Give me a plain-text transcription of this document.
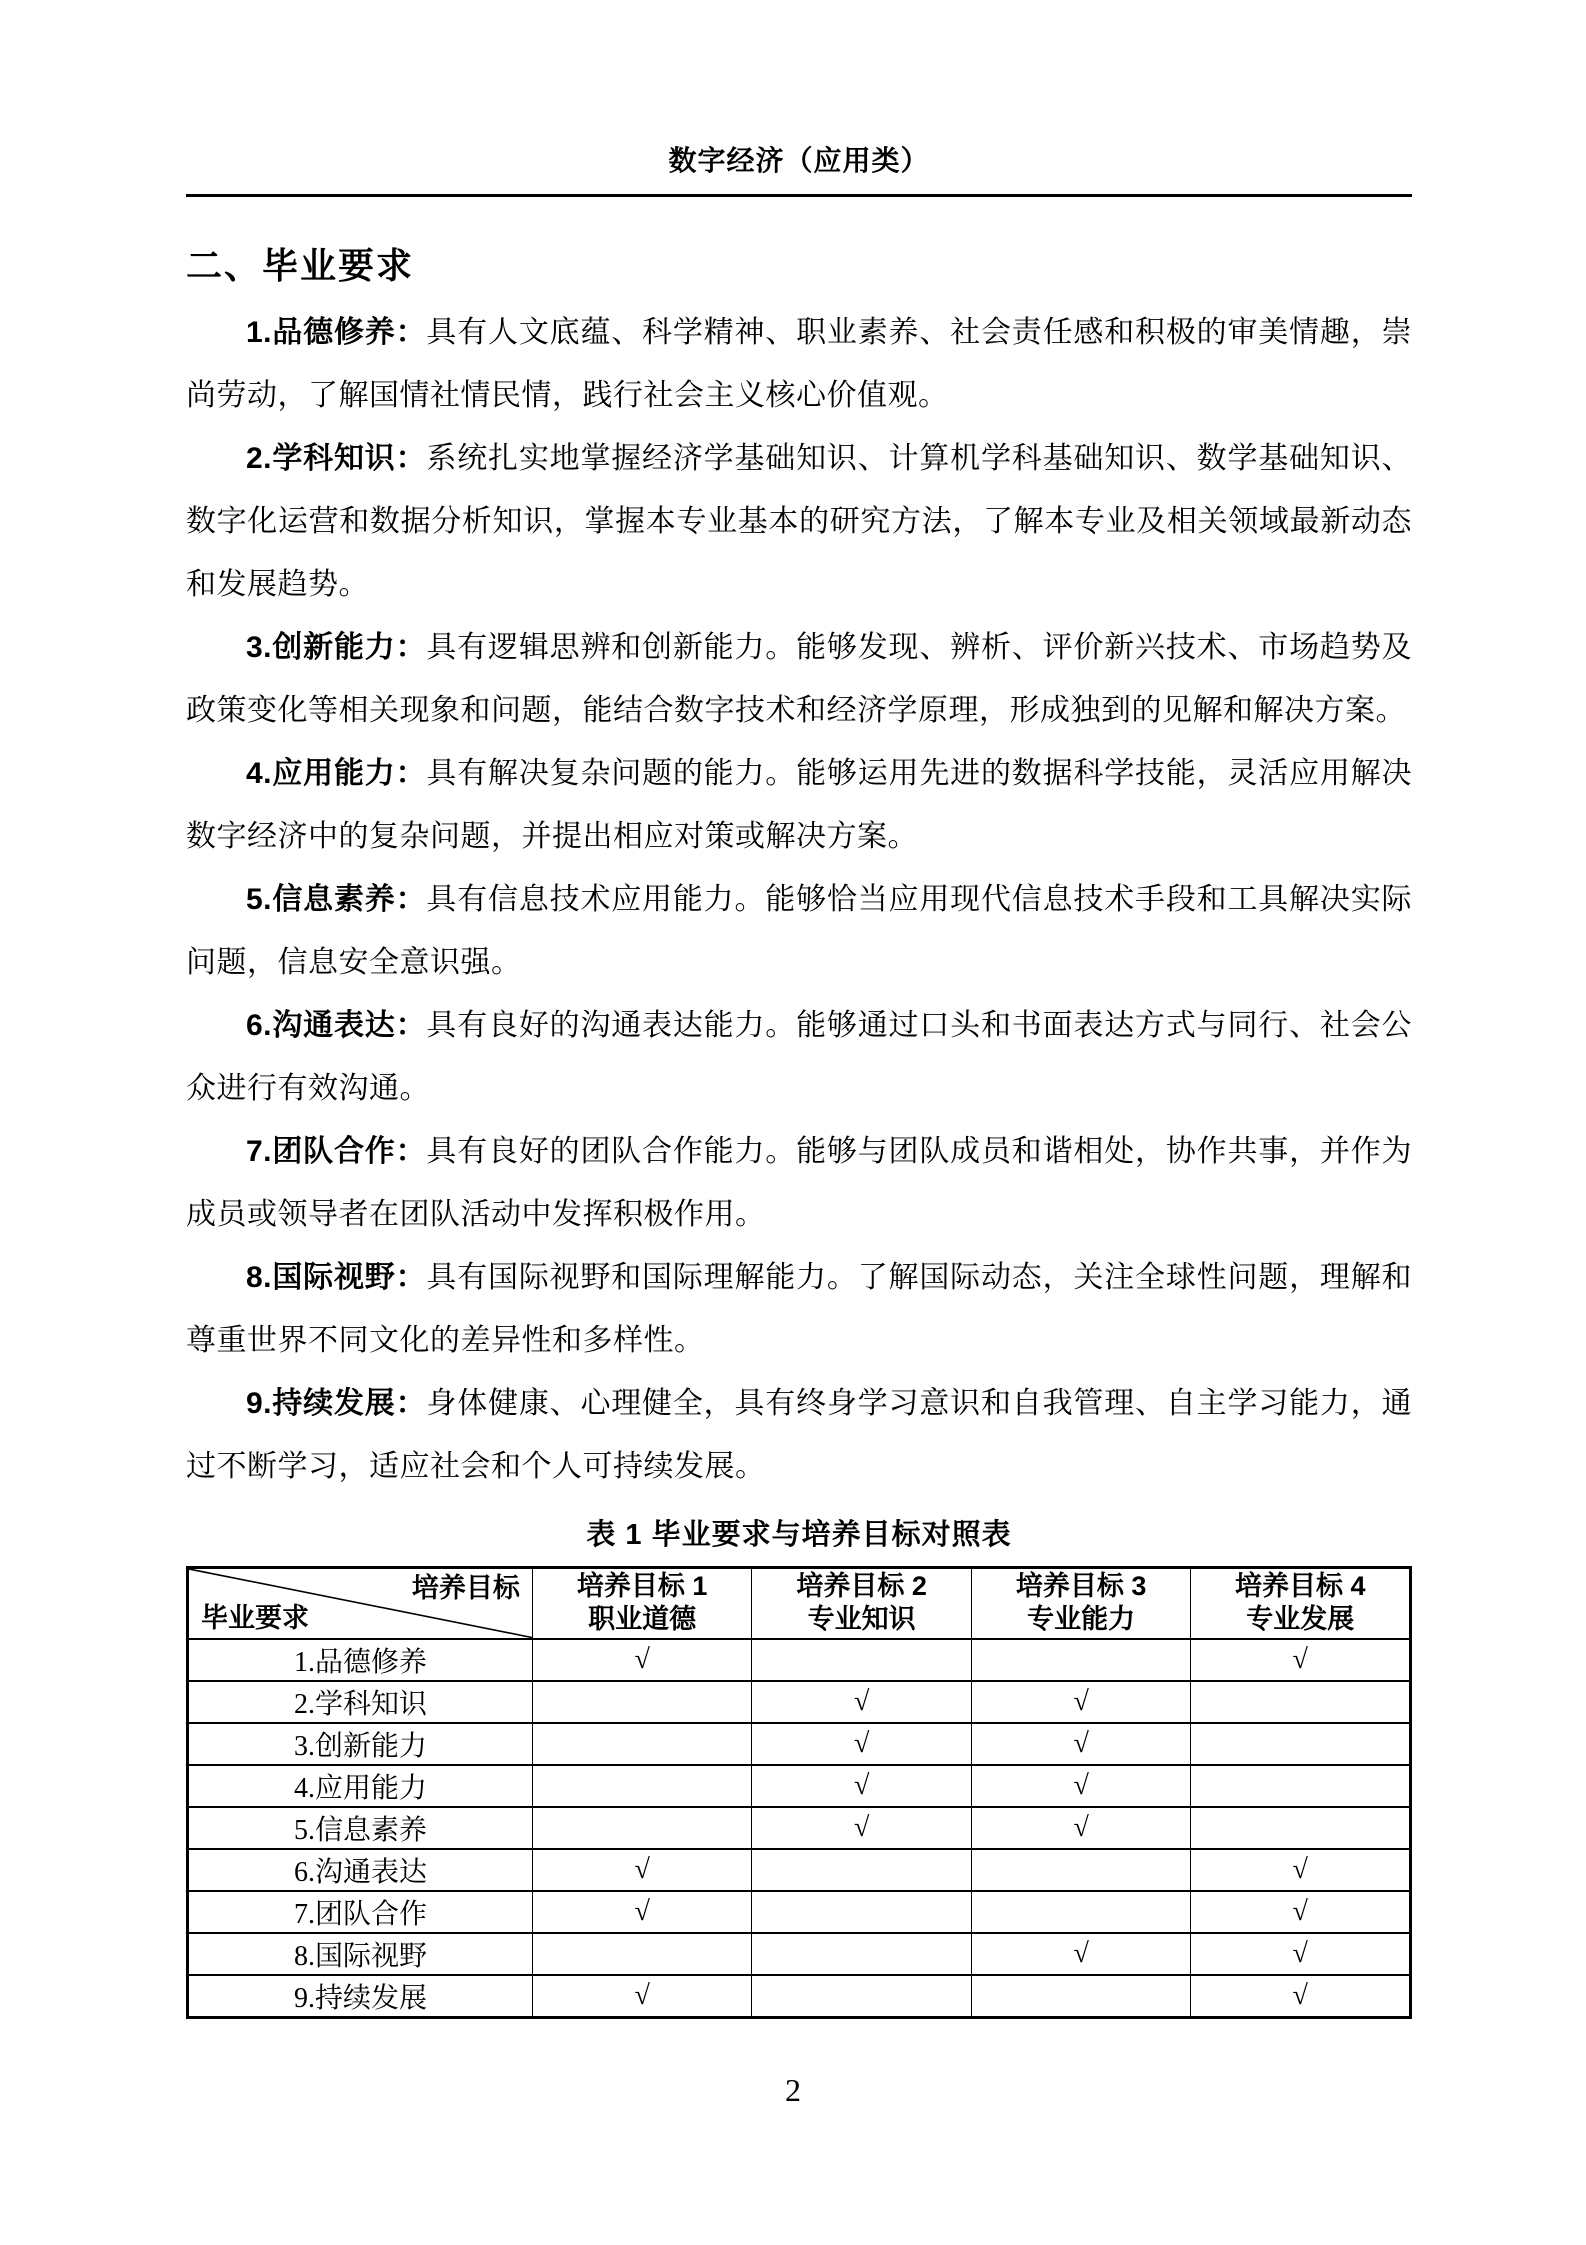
数字经济（应用类）
二、毕业要求

1.品德修养：具有人文底蕴、科学精神、职业素养、社会责任感和积极的审美情趣，崇尚劳动，了解国情社情民情，践行社会主义核心价值观。

2.学科知识：系统扎实地掌握经济学基础知识、计算机学科基础知识、数学基础知识、数字化运营和数据分析知识，掌握本专业基本的研究方法，了解本专业及相关领域最新动态和发展趋势。

3.创新能力：具有逻辑思辨和创新能力。能够发现、辨析、评价新兴技术、市场趋势及政策变化等相关现象和问题，能结合数字技术和经济学原理，形成独到的见解和解决方案。

4.应用能力：具有解决复杂问题的能力。能够运用先进的数据科学技能，灵活应用解决数字经济中的复杂问题，并提出相应对策或解决方案。

5.信息素养：具有信息技术应用能力。能够恰当应用现代信息技术手段和工具解决实际问题，信息安全意识强。

6.沟通表达：具有良好的沟通表达能力。能够通过口头和书面表达方式与同行、社会公众进行有效沟通。

7.团队合作：具有良好的团队合作能力。能够与团队成员和谐相处，协作共事，并作为成员或领导者在团队活动中发挥积极作用。

8.国际视野：具有国际视野和国际理解能力。了解国际动态，关注全球性问题，理解和尊重世界不同文化的差异性和多样性。

9.持续发展：身体健康、心理健全，具有终身学习意识和自我管理、自主学习能力，通过不断学习，适应社会和个人可持续发展。

表 1 毕业要求与培养目标对照表
培养目标
毕业要求

培养目标 1
职业道德

培养目标 2
专业知识

培养目标 3
专业能力

培养目标 4
专业发展

1.品德修养	√			√
2.学科知识		√	√	
3.创新能力		√	√	
4.应用能力		√	√	
5.信息素养		√	√	
6.沟通表达	√			√
7.团队合作	√			√
8.国际视野			√	√
9.持续发展	√			√
2
